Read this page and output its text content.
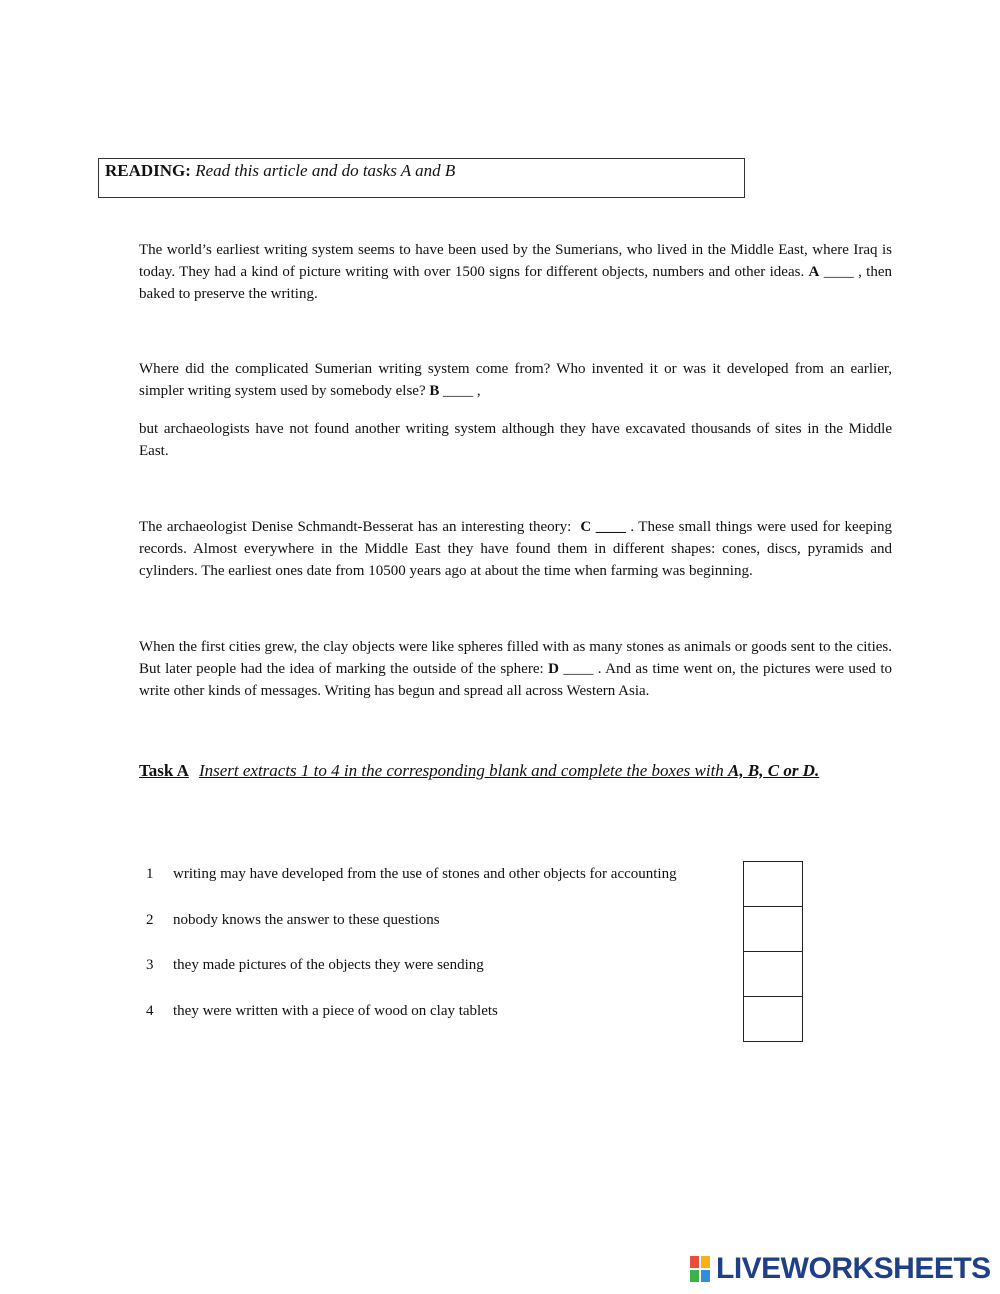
READING: Read this article and do tasks A and B

The world’s earliest writing system seems to have been used by the Sumerians, who lived in the Middle East, where Iraq is today. They had a kind of picture writing with over 1500 signs for different objects, numbers and other ideas. A ____ , then baked to preserve the writing.

Where did the complicated Sumerian writing system come from? Who invented it or was it developed from an earlier, simpler writing system used by somebody else? B ____ ,

but archaeologists have not found another writing system although they have excavated thousands of sites in the Middle East.

The archaeologist Denise Schmandt-Besserat has an interesting theory: C ____ . These small things were used for keeping records. Almost everywhere in the Middle East they have found them in different shapes: cones, discs, pyramids and cylinders. The earliest ones date from 10500 years ago at about the time when farming was beginning.

When the first cities grew, the clay objects were like spheres filled with as many stones as animals or goods sent to the cities. But later people had the idea of marking the outside of the sphere: D ____ . And as time went on, the pictures were used to write other kinds of messages. Writing has begun and spread all across Western Asia.

Task A Insert extracts 1 to 4 in the corresponding blank and complete the boxes with A, B, C or D.
1 writing may have developed from the use of stones and other objects for accounting
2 nobody knows the answer to these questions
3 they made pictures of the objects they were sending
4 they were written with a piece of wood on clay tablets
LIVEWORKSHEETS
